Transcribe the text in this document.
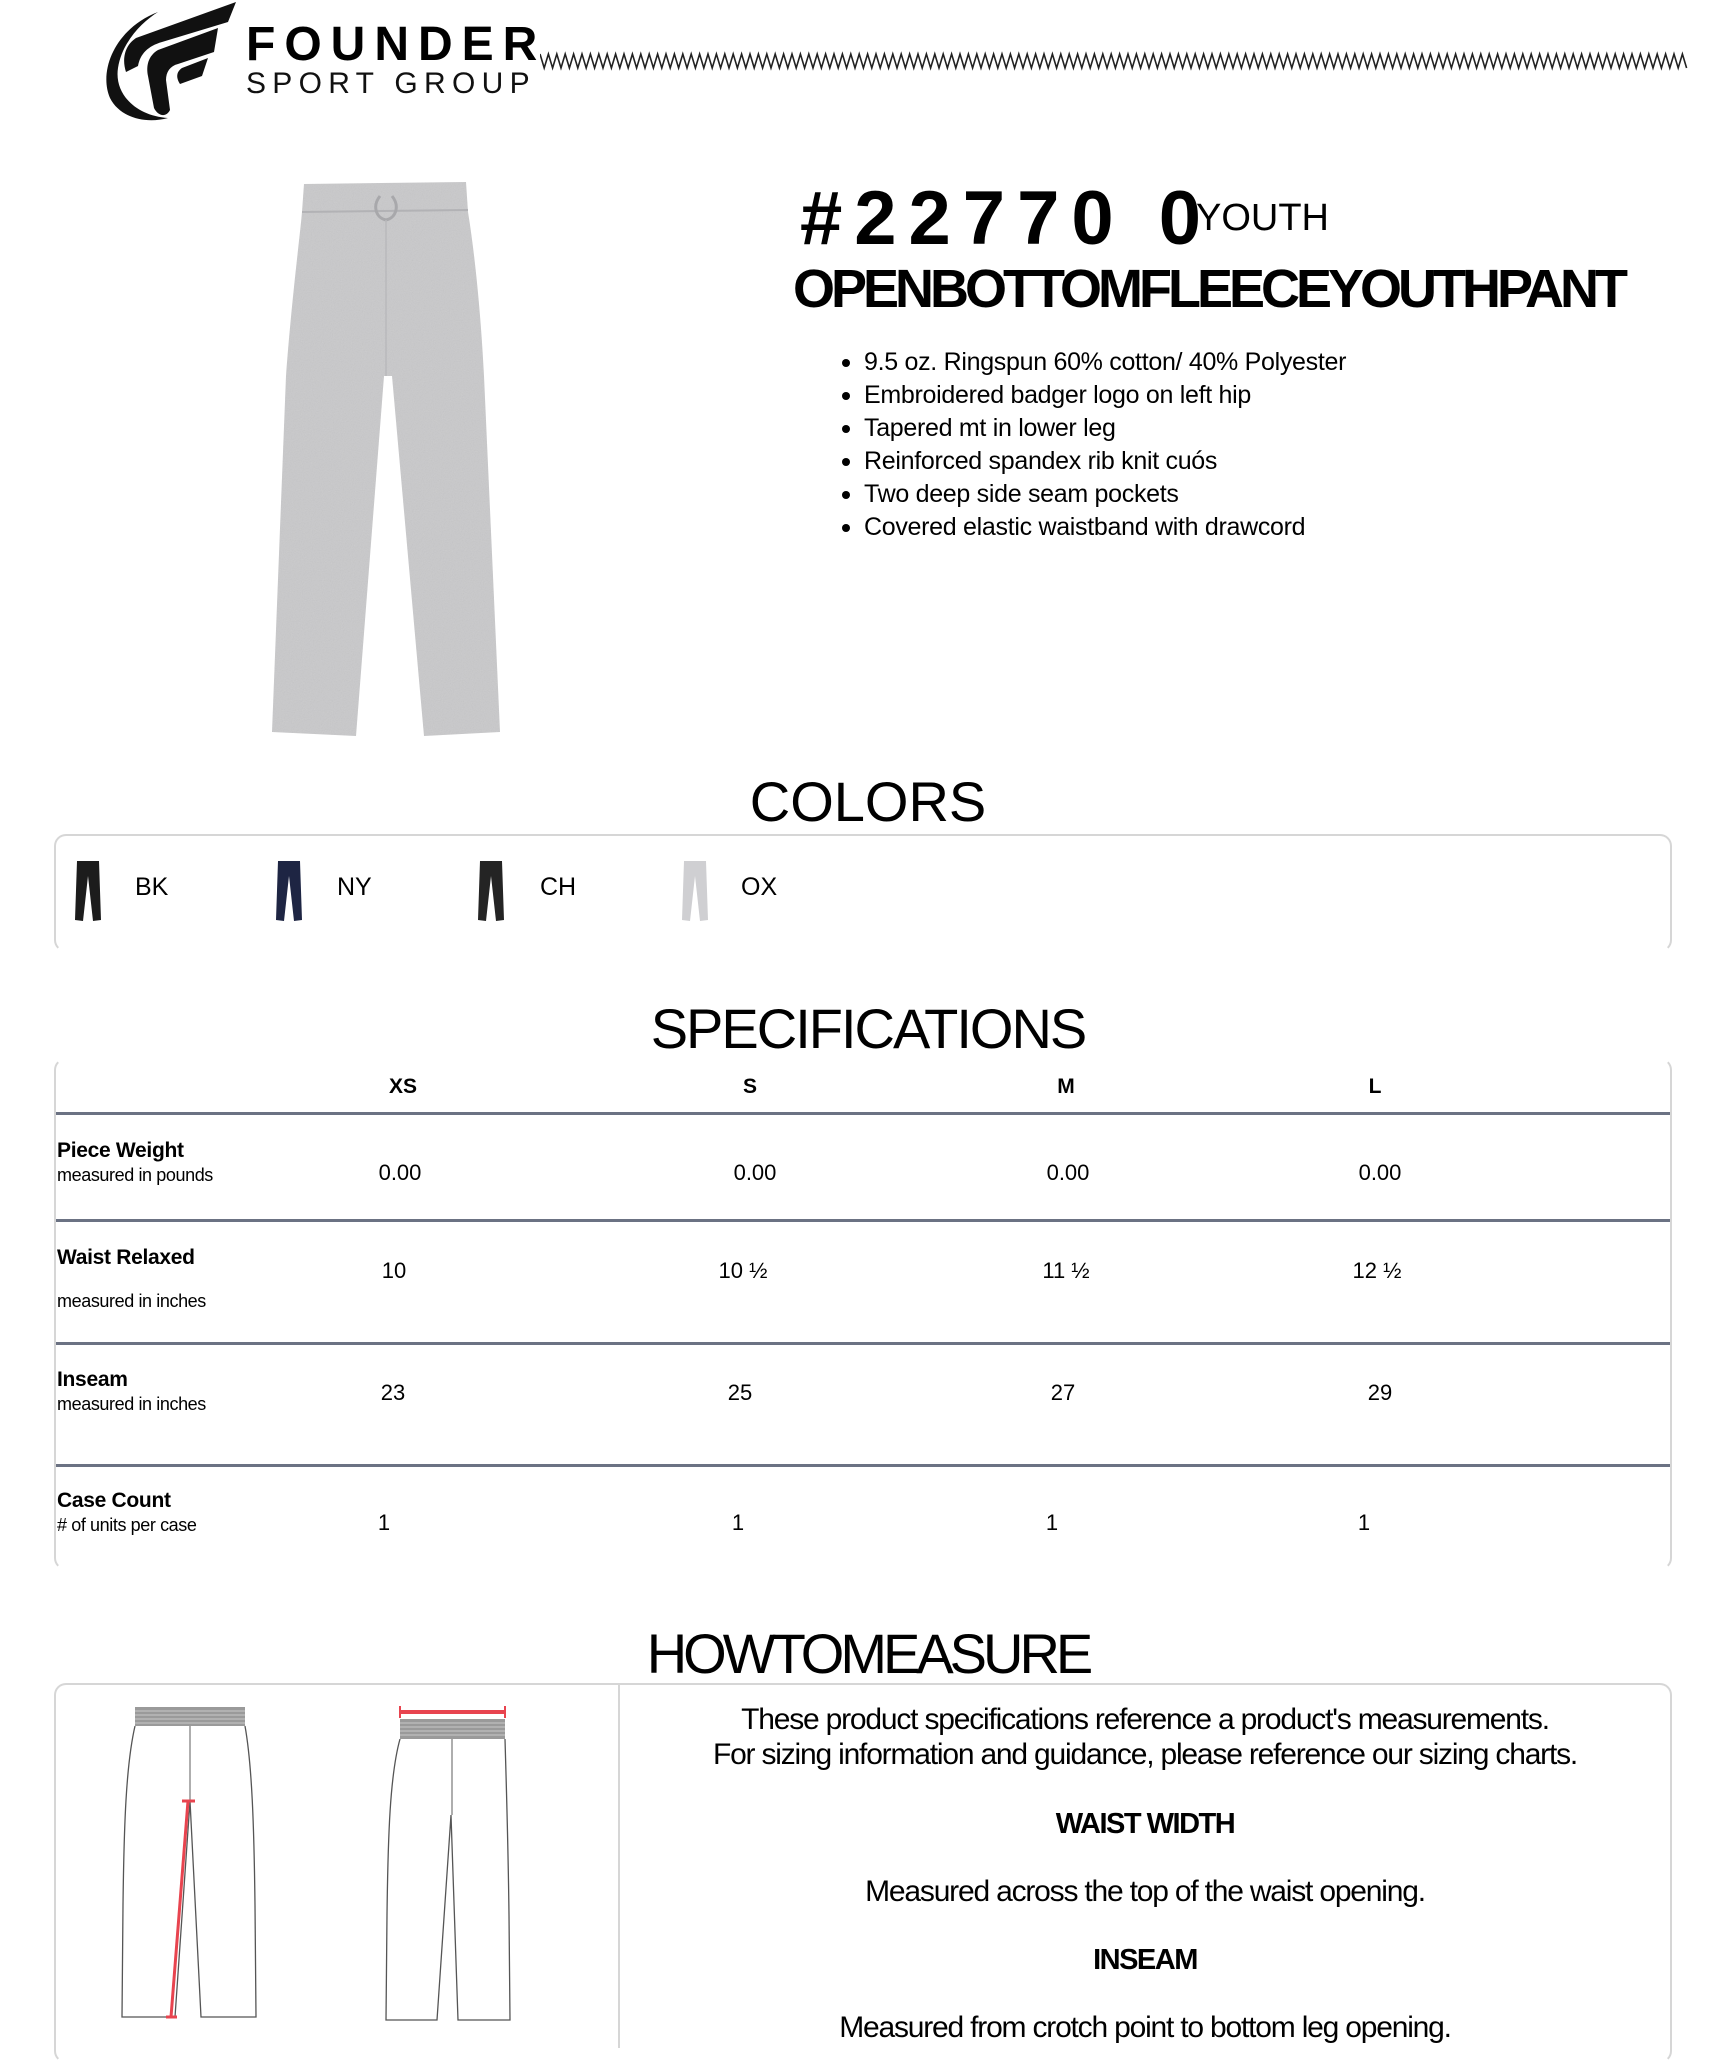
FOUNDER
SPORT GROUP
#22770 0
YOUTH
OPENBOTTOMFLEECEYOUTHPANT
9.5 oz. Ringspun 60% cotton/ 40% Polyester
Embroidered badger logo on left hip
Tapered mt in lower leg
Reinforced spandex rib knit cuós
Two deep side seam pockets
Covered elastic waistband with drawcord
COLORS
BK	NY	CH	OX
SPECIFICATIONS
XS	S	M	L
Piece Weight
measured in pounds	0.00	0.00	0.00	0.00
Waist Relaxed
measured in inches
10	10 ½	11 ½	12 ½
Inseam
measured in inches	23	25	27	29
Case Count
# of units per case	1	1	1	1
HOWTOMEASURE
These product specifications reference a product's measurements.
For sizing information and guidance, please reference our sizing charts.
WAIST WIDTH
Measured across the top of the waist opening.
INSEAM
Measured from crotch point to bottom leg opening.
